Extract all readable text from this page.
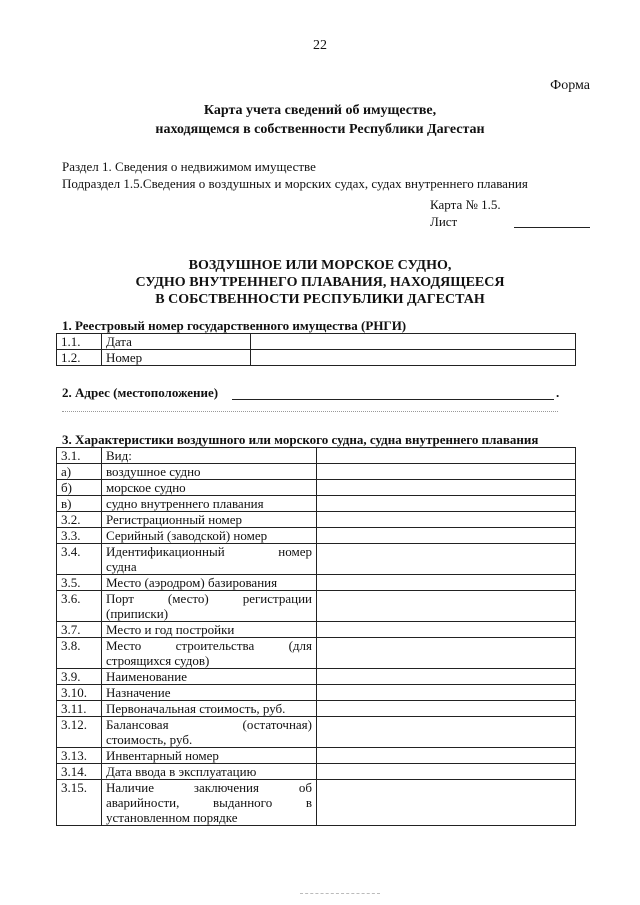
22
Форма
Карта учета сведений об имуществе,
находящемся в собственности Республики Дагестан
Раздел 1. Сведения о недвижимом имуществе
Подраздел 1.5.Сведения о воздушных и морских судах, судах внутреннего плавания
Карта № 1.5.
Лист
ВОЗДУШНОЕ ИЛИ МОРСКОЕ СУДНО,
СУДНО ВНУТРЕННЕГО ПЛАВАНИЯ, НАХОДЯЩЕЕСЯ
В СОБСТВЕННОСТИ РЕСПУБЛИКИ ДАГЕСТАН
1. Реестровый номер государственного имущества (РНГИ)
1.1.	Дата	
1.2.	Номер	
2. Адрес (местоположение)	.
3. Характеристики воздушного или морского судна, судна внутреннего плавания
3.1.	Вид:	
а)	воздушное судно	
б)	морское судно	
в)	судно внутреннего плавания	
3.2.	Регистрационный номер	
3.3.	Серийный (заводской) номер	
3.4.	Идентификационный номер
судна	

3.5.	Место (аэродром) базирования	
3.6.	Порт (место) регистрации
(приписки)	

3.7.	Место и год постройки	
3.8.	Место строительства (для
строящихся судов)	

3.9.	Наименование	
3.10.	Назначение	
3.11.	Первоначальная стоимость, руб.	
3.12.	Балансовая (остаточная)
стоимость, руб.	

3.13.	Инвентарный номер	
3.14.	Дата ввода в эксплуатацию	
3.15.	Наличие заключения об
аварийности, выданного в
установленном порядке	
